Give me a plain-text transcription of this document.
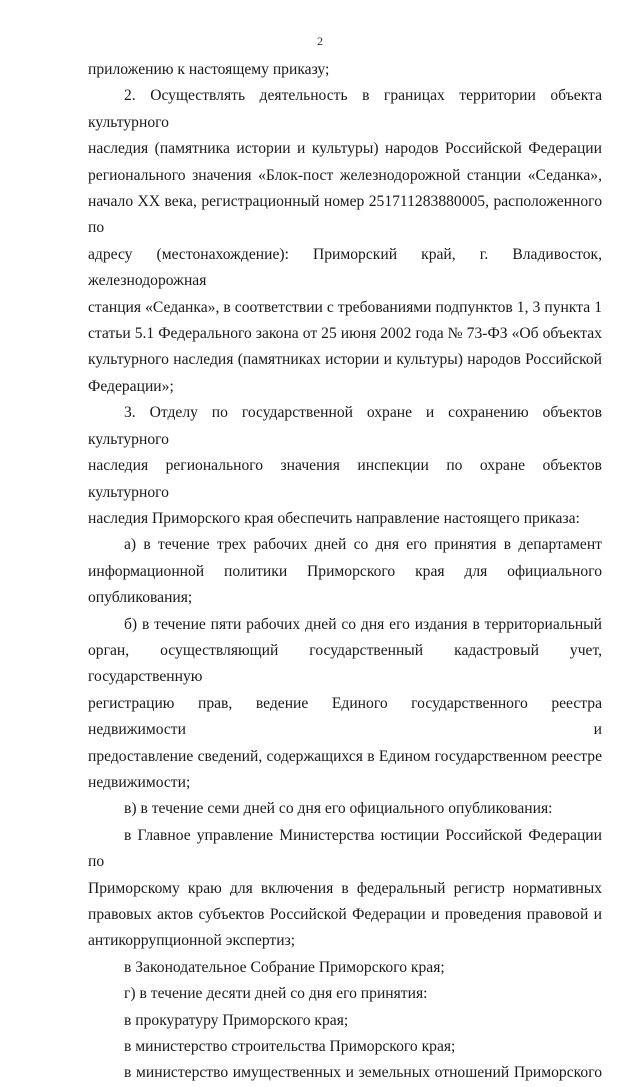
2
приложению к настоящему приказу;
2. Осуществлять деятельность в границах территории объекта культурного
наследия (памятника истории и культуры) народов Российской Федерации
регионального значения «Блок-пост железнодорожной станции «Седанка»,
начало XX века, регистрационный номер 251711283880005, расположенного по
адресу (местонахождение): Приморский край, г. Владивосток, железнодорожная
станция «Седанка», в соответствии с требованиями подпунктов 1, 3 пункта 1
статьи 5.1 Федерального закона от 25 июня 2002 года № 73-ФЗ «Об объектах
культурного наследия (памятниках истории и культуры) народов Российской
Федерации»;
3. Отделу по государственной охране и сохранению объектов культурного
наследия регионального значения инспекции по охране объектов культурного
наследия Приморского края обеспечить направление настоящего приказа:
а) в течение трех рабочих дней со дня его принятия в департамент
информационной политики Приморского края для официального
опубликования;
б) в течение пяти рабочих дней со дня его издания в территориальный
орган, осуществляющий государственный кадастровый учет, государственную
регистрацию прав, ведение Единого государственного реестра недвижимости и
предоставление сведений, содержащихся в Едином государственном реестре
недвижимости;
в) в течение семи дней со дня его официального опубликования:
в Главное управление Министерства юстиции Российской Федерации по
Приморскому краю для включения в федеральный регистр нормативных
правовых актов субъектов Российской Федерации и проведения правовой и
антикоррупционной экспертиз;
в Законодательное Собрание Приморского края;
г) в течение десяти дней со дня его принятия:
в прокуратуру Приморского края;
в министерство строительства Приморского края;
в министерство имущественных и земельных отношений Приморского
